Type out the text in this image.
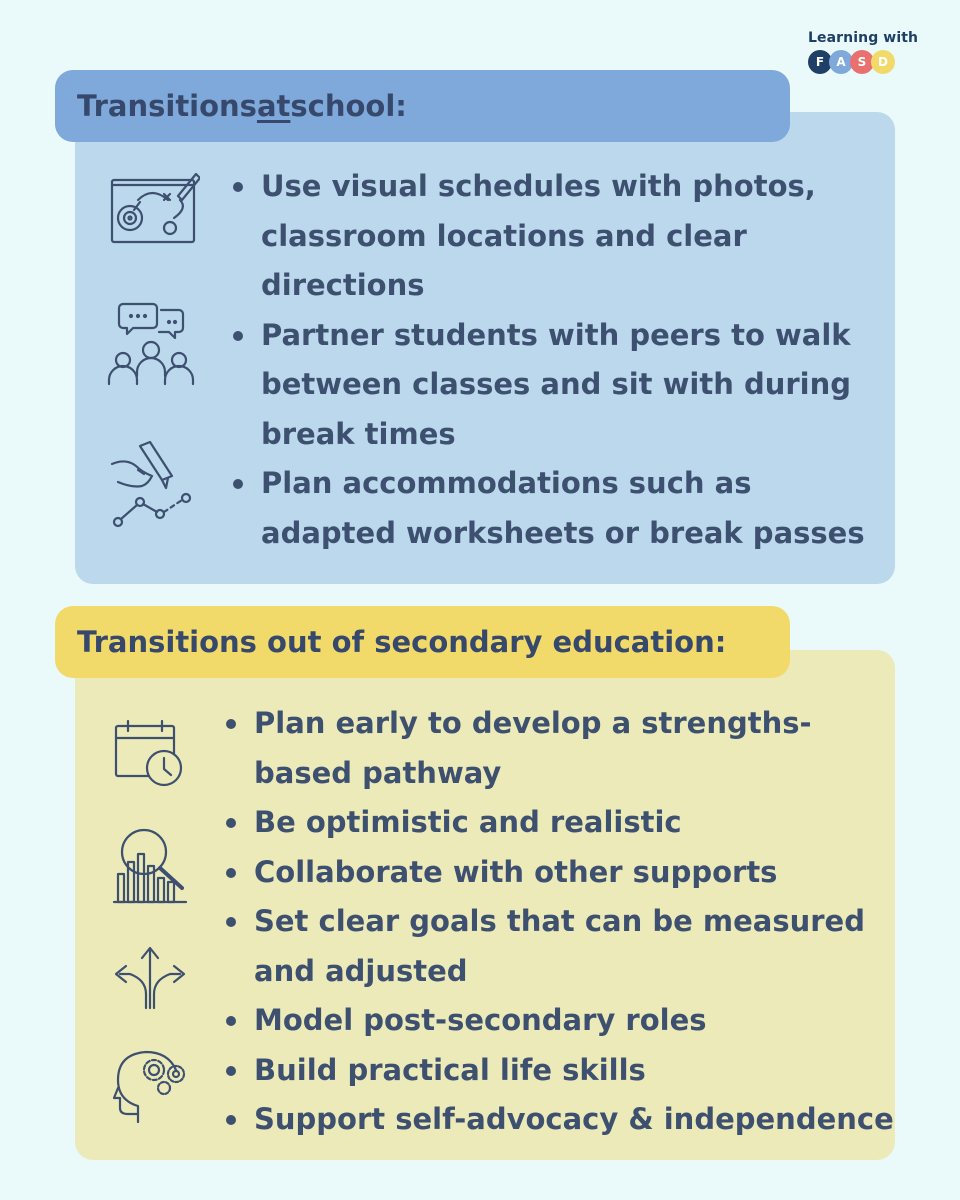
Learning with
F	A	S D
Transitions at school:
Use visual schedules with photos,
classroom locations and clear
directions
Partner students with peers to walk
between classes and sit with during
break times
Plan accommodations such as
adapted worksheets or break passes
Transitions out of secondary education:
Plan early to develop a strengths-
based pathway
Be optimistic and realistic
Collaborate with other supports
Set clear goals that can be measured
and adjusted
Model post-secondary roles
Build practical life skills
Support self-advocacy & independence
